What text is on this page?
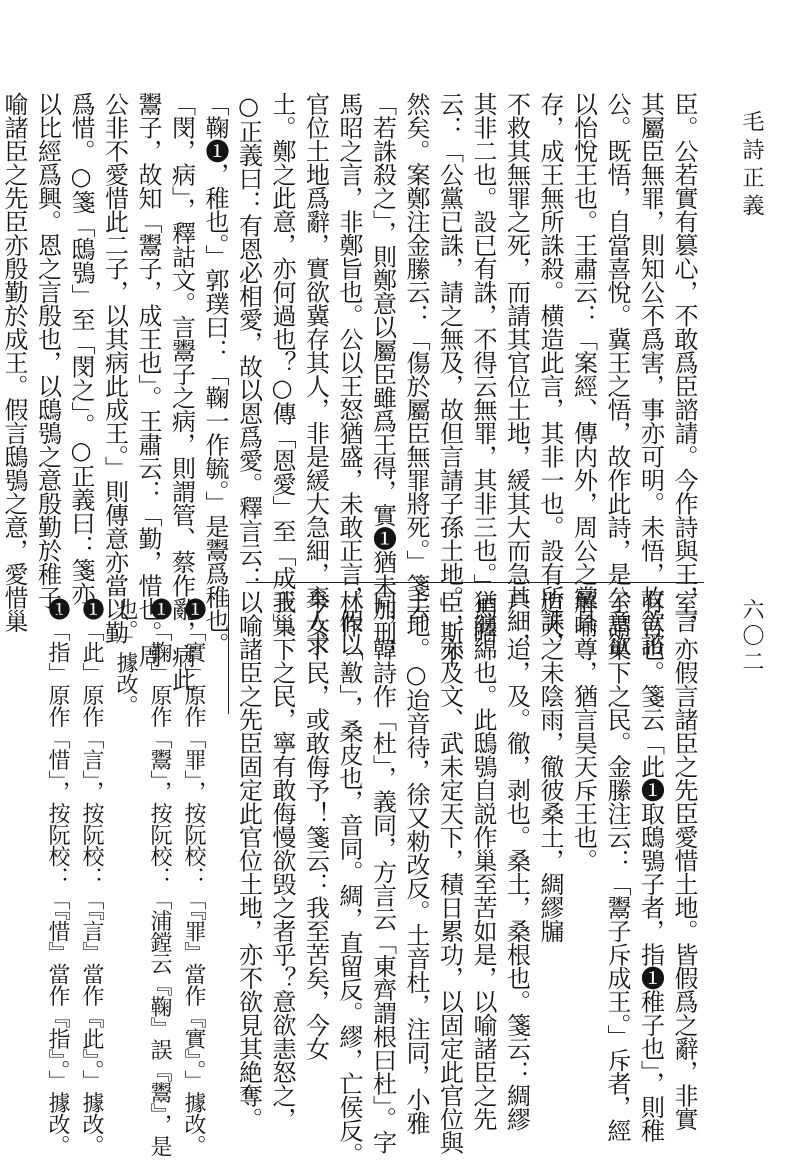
毛詩正義
六〇二
臣。公若實有篡心，不敢爲臣諮請。今作詩與王，言
其屬臣無罪，則知公不爲害，事亦可明。未悟，故欲諮
公。既悟，自當喜悅。冀王之悟，故作此詩，是公意欲
以怡悅王也。王肅云：「案經、傳内外，周公之黨具
存，成王無所誅殺。横造此言，其非一也。設有所誅，
不救其無罪之死，而請其官位土地，緩其大而急其細，
其非二也。設已有誅，不得云無罪，其非三也。」馬昭
云：「公黨已誅，請之無及，故但言請子孫土地。」斯不
然矣。案鄭注金縢云：「傷於屬臣無罪將死。」箋云
「若誅殺之」，則鄭意以屬臣雖爲王得，實❶猶未加刑，
馬昭之言，非鄭旨也。公以王怒猶盛，未敢正言，假以
官位土地爲辭，實欲冀存其人，非是緩大急細，棄人求
土。鄭之此意，亦何過也？○傳「恩愛」至「成王」。
○正義曰：有恩必相愛，故以恩爲愛。釋言云：
「鞠❶，稚也。」郭璞曰：「鞠一作毓。」是鬻爲稚也。
「閔，病」，釋詁文。言鬻子之病，則謂管、蔡作亂，病此
鬻子，故知「鬻子，成王也」。王肅云：「勤，惜也。周
公非不愛惜此二子，以其病此成王。」則傳意亦當以勤
爲惜。○箋「鴟鴞」至「閔之」。○正義曰：箋亦
以比經爲興。恩之言殷也，以鴟鴞之意殷勤於稚子，
喻諸臣之先臣亦殷勤於成王。假言鴟鴞之意，愛惜巢
室，亦假言諸臣之先臣愛惜土地。皆假爲之辭，非實
有言也。箋云「此❶取鴟鴞子者，指❶稚子也」，則稚
子謂巢下之民。金縢注云：「鬻子斥成王。」斥者，經
解喻尊，猶言昊天斥王也。
迨天之未陰雨，徹彼桑土，綢繆牖
户。迨，及。徹，剥也。桑土，桑根也。箋云：綢繆
猶纏綿也。此鴟鴞自説作巢至苦如是，以喻諸臣之先
臣，亦及文、武未定天下，積日累功，以固定此官位與
土地。○迨音待，徐又勑改反。土音杜，注同，小雅
同，韓詩作「杜」，義同，方言云「東齊謂根曰杜」。字
林作「敾」，桑皮也，音同。綢，直留反。繆，亡侯反。
今女下民，或敢侮予！箋云：我至苦矣，今女
我巢下之民，寧有敢侮慢欲毁之者乎？意欲恚怒之，
以喻諸臣之先臣固定此官位土地，亦不欲見其絶奪。
❶「實」原作「罪」，按阮校：「『罪』當作『實』。」據改。
❶「鞠」原作「鬻」，按阮校：「浦鏜云『鞠』誤『鬻』，是
也。」據改。
❶「此」原作「言」，按阮校：「『言』當作『此』。」據改。
❶「指」原作「惜」，按阮校：「『惜』當作『指』。」據改。
